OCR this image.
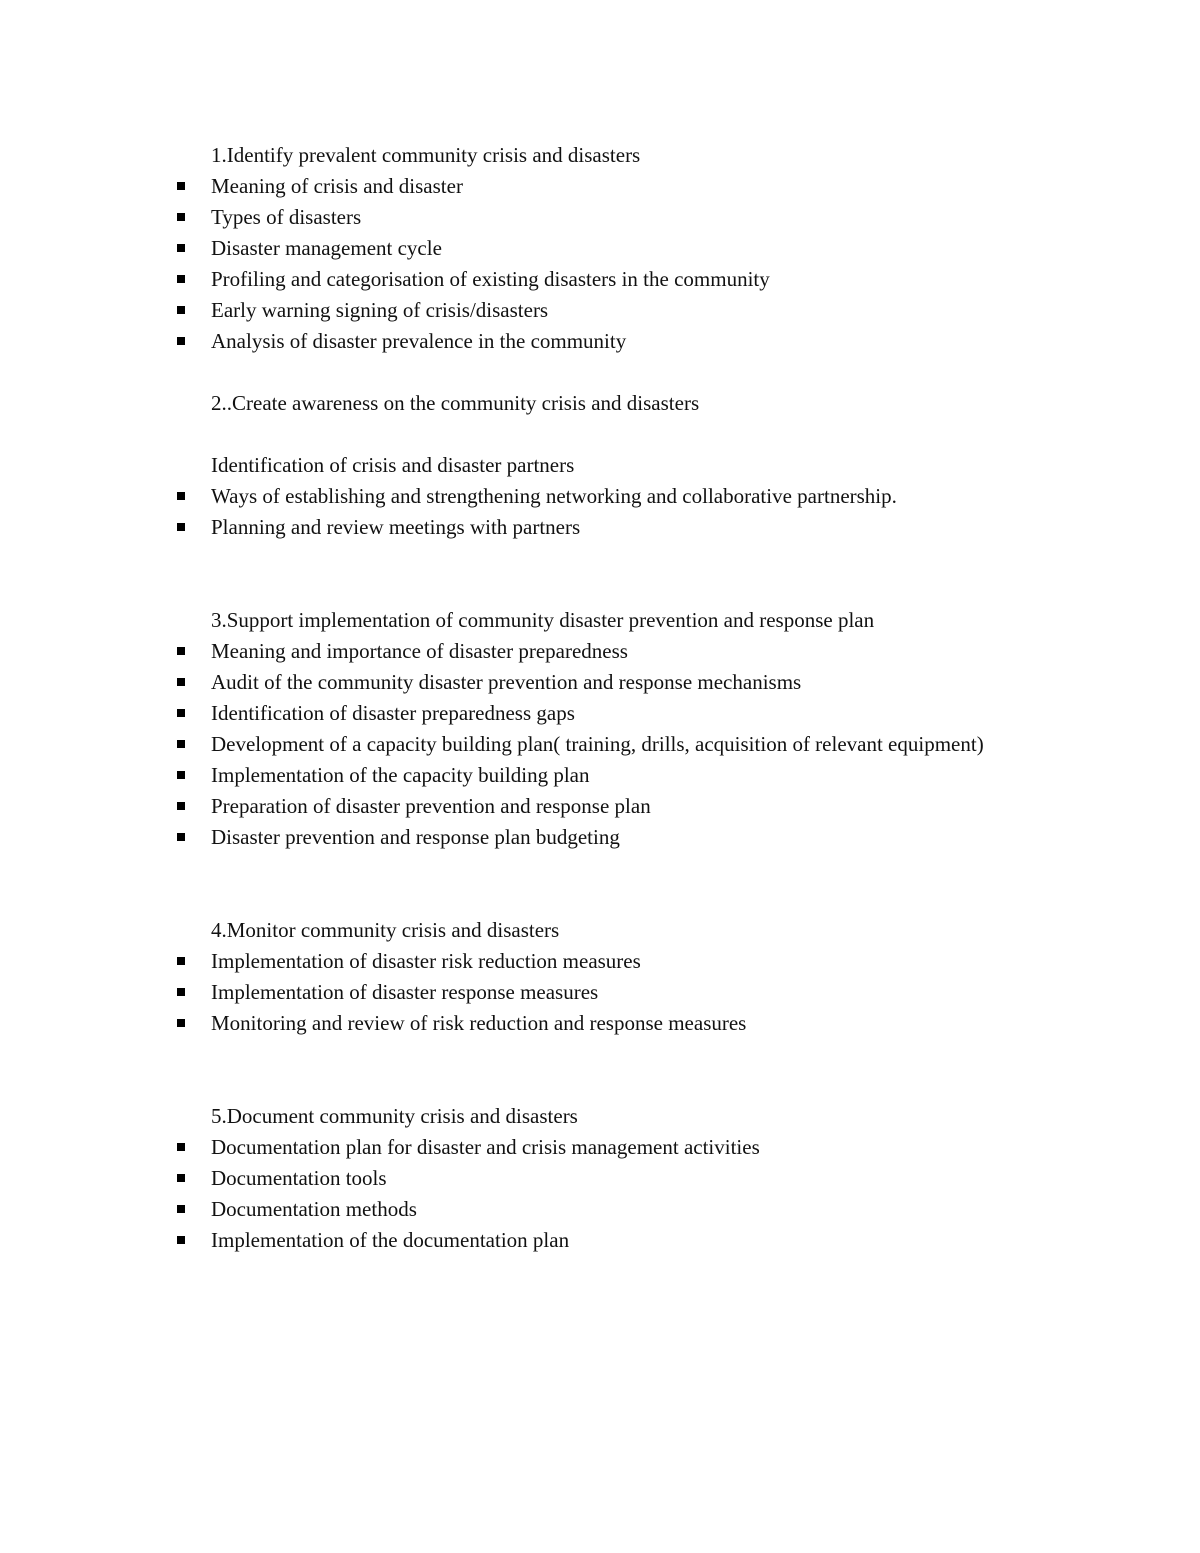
1.Identify prevalent community crisis and disasters

Meaning of crisis and disaster
Types of disasters
Disaster management cycle
Profiling and categorisation of existing disasters in the community
Early warning signing of crisis/disasters
Analysis of disaster prevalence in the community

2..Create awareness on the community crisis and disasters

Identification of crisis and disaster partners

Ways of establishing and strengthening networking and collaborative partnership.
Planning and review meetings with partners

3.Support implementation of community disaster prevention and response plan

Meaning and importance of disaster preparedness
Audit of the community disaster prevention and response mechanisms
Identification of disaster preparedness gaps
Development of a capacity building plan( training, drills, acquisition of relevant equipment)
Implementation of the capacity building plan
Preparation of disaster prevention and response plan
Disaster prevention and response plan budgeting

4.Monitor community crisis and disasters

Implementation of disaster risk reduction measures
Implementation of disaster response measures
Monitoring and review of risk reduction and response measures

5.Document community crisis and disasters

Documentation plan for disaster and crisis management activities
Documentation tools
Documentation methods
Implementation of the documentation plan
